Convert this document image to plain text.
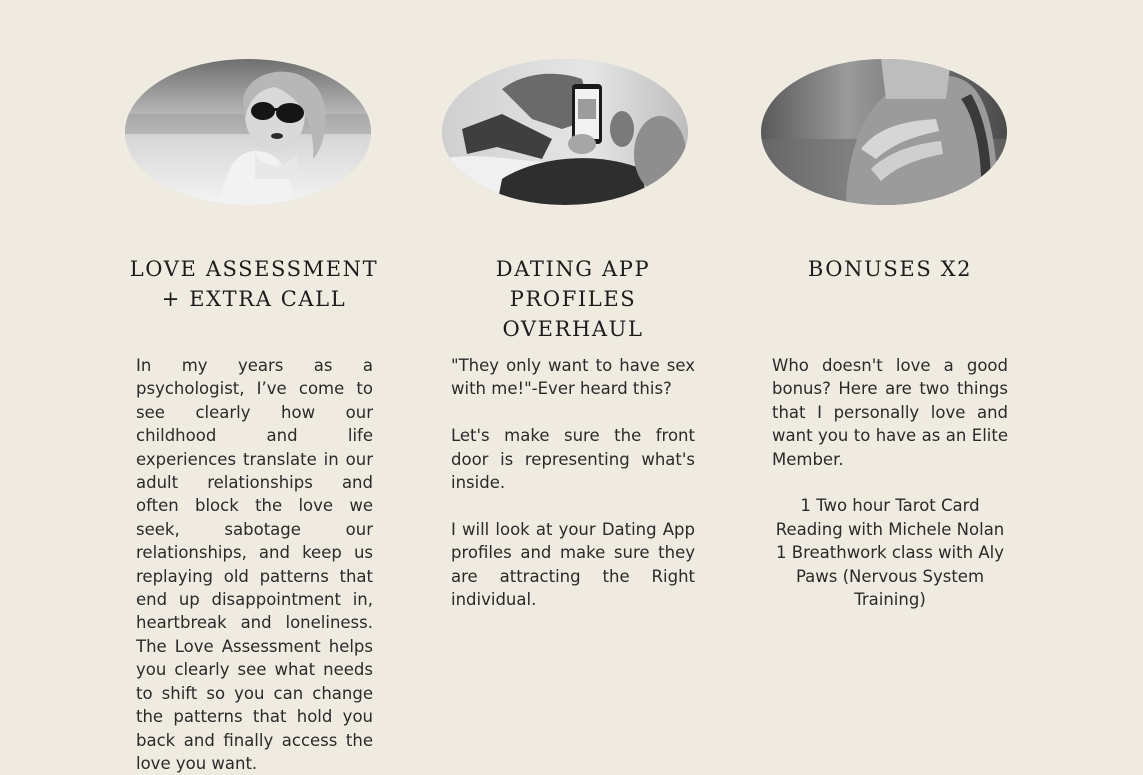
LOVE ASSESSMENT
+ EXTRA CALL

In my years as a psychologist, I’ve come to see clearly how our childhood and life experiences translate in our adult relationships and often block the love we seek, sabotage our relationships, and keep us replaying old patterns that end up disappointment in, heartbreak and loneliness. The Love Assessment helps you clearly see what needs to shift so you can change the patterns that hold you back and finally access the love you want.

DATING APP
PROFILES OVERHAUL

"They only want to have sex with me!"-Ever heard this?

Let's make sure the front door is representing what's inside.

I will look at your Dating App profiles and make sure they are attracting the Right individual.

BONUSES X2

Who doesn't love a good bonus? Here are two things that I personally love and want you to have as an Elite Member.

1 Two hour Tarot Card
Reading with Michele Nolan
1 Breathwork class with Aly
Paws (Nervous System
Training)
